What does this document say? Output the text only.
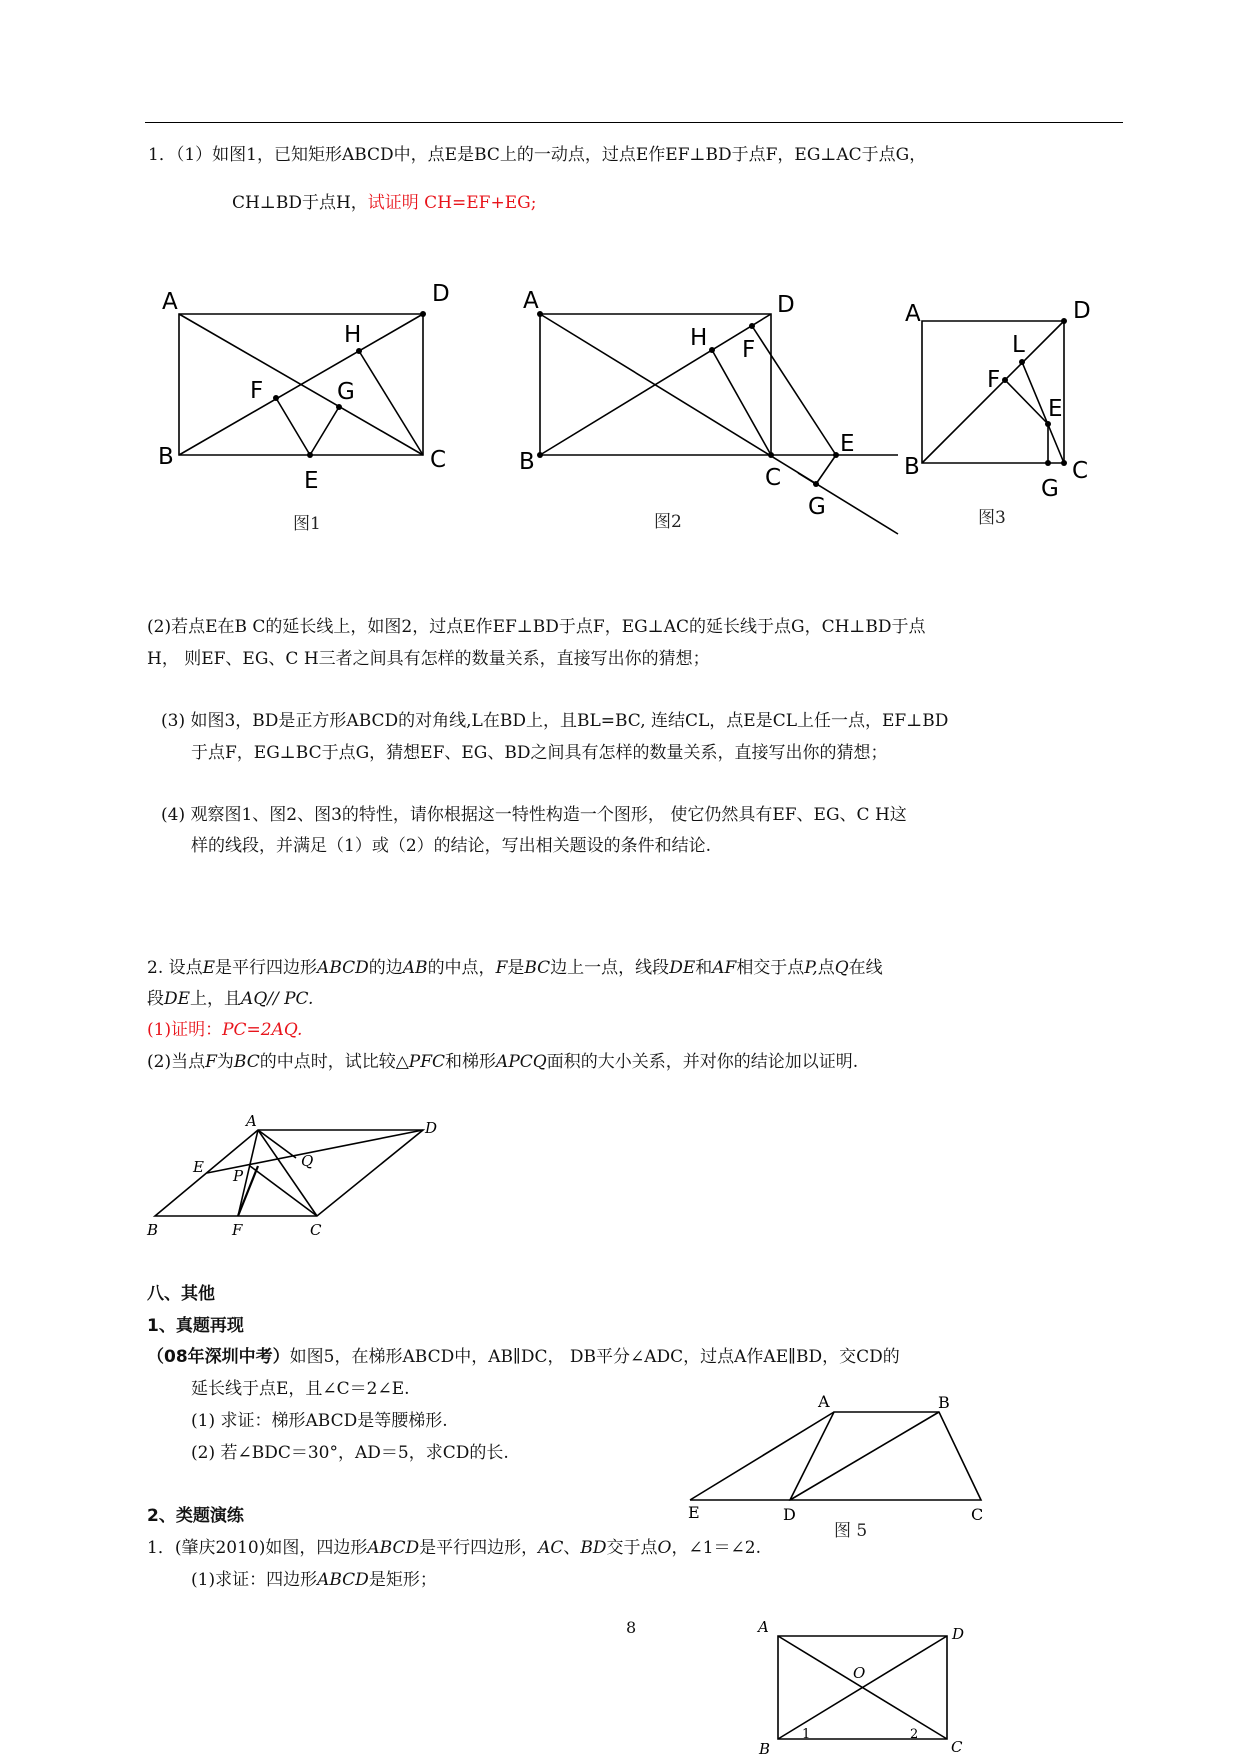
1．（1）如图1，已知矩形ABCD中，点E是BC上的一动点，过点E作EF⊥BD于点F，EG⊥AC于点G，
CH⊥BD于点H，试证明 CH=EF+EG;
A	D
H
F	G
B	C
E
图1
A	D
H F
E
B
C
G
图2
A	D
L
F
E
B	C
G
图3
(2)若点E在B C的延长线上，如图2，过点E作EF⊥BD于点F，EG⊥AC的延长线于点G，CH⊥BD于点
H， 则EF、EG、C H三者之间具有怎样的数量关系，直接写出你的猜想；
(3) 如图3，BD是正方形ABCD的对角线,L在BD上，且BL=BC, 连结CL，点E是CL上任一点，EF⊥BD
于点F，EG⊥BC于点G，猜想EF、EG、BD之间具有怎样的数量关系，直接写出你的猜想；
(4) 观察图1、图2、图3的特性，请你根据这一特性构造一个图形， 使它仍然具有EF、EG、C H这
样的线段，并满足（1）或（2）的结论，写出相关题设的条件和结论.
2. 设点E是平行四边形ABCD的边AB的中点，F是BC边上一点，线段DE和AF相交于点P,点Q在线
段DE上，且AQ// PC.
(1)证明：PC=2AQ.
(2)当点F为BC的中点时，试比较△PFC和梯形APCQ面积的大小关系，并对你的结论加以证明.
A	D
E P
Q
B	F	C
A	B
E	D	C
图 5
A	D
O
B	C
1	2
八、其他
1、真题再现
（08年深圳中考）如图5，在梯形ABCD中，AB∥DC， DB平分∠ADC，过点A作AE∥BD，交CD的
延长线于点E，且∠C＝2∠E.
(1) 求证：梯形ABCD是等腰梯形.
(2) 若∠BDC＝30°，AD＝5，求CD的长.
2、类题演练
1．(肇庆2010)如图，四边形ABCD是平行四边形，AC、BD交于点O，∠1＝∠2.
(1)求证：四边形ABCD是矩形；
8
